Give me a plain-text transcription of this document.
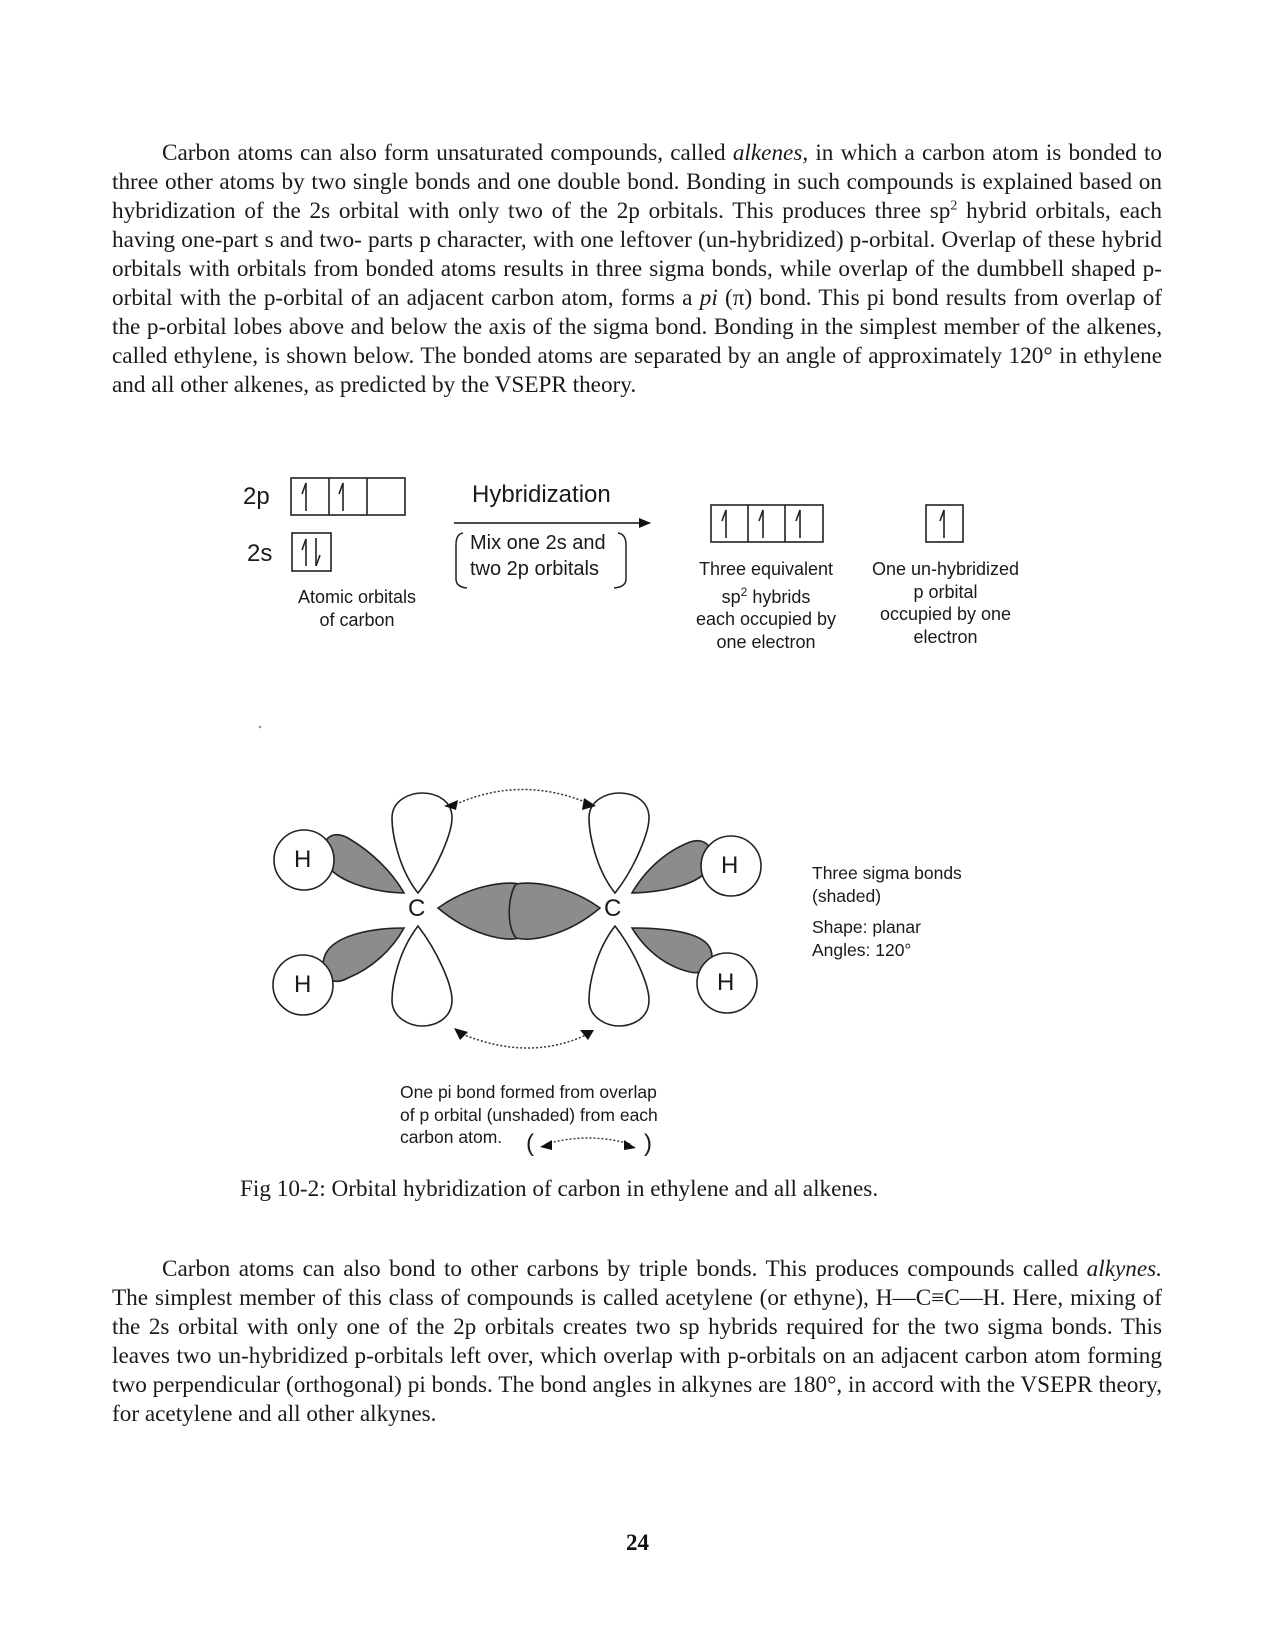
Carbon atoms can also form unsaturated compounds, called alkenes, in which a carbon atom is bonded to three other atoms by two single bonds and one double bond. Bonding in such compounds is explained based on hybridization of the 2s orbital with only two of the 2p orbitals. This produces three $sp^2$ hybrid orbitals, each having one-part s and two- parts p character, with one leftover (un-hybridized) p-orbital. Overlap of these hybrid orbitals with orbitals from bonded atoms results in three sigma bonds, while overlap of the dumbbell shaped p-orbital with the p-orbital of an adjacent carbon atom, forms a pi (π) bond. This pi bond results from overlap of the p-orbital lobes above and below the axis of the sigma bond. Bonding in the simplest member of the alkenes, called ethylene, is shown below. The bonded atoms are separated by an angle of approximately 120° in ethylene and all other alkenes, as predicted by the VSEPR theory.

2p
2s
Atomic orbitals
of carbon
Hybridization
Mix one 2s and
two 2p orbitals	Three equivalent
$sp^2$ hybrids
each occupied by
one electron
One un-hybridized
p orbital
occupied by one
electron
H
H
H
H
C	C
Three sigma bonds
(shaded)
Shape: planar
Angles: 120°
One pi bond formed from overlap
of p orbital (unshaded) from each
carbon atom. (	)
Fig 10-2: Orbital hybridization of carbon in ethylene and all alkenes.

Carbon atoms can also bond to other carbons by triple bonds. This produces compounds called alkynes. The simplest member of this class of compounds is called acetylene (or ethyne), H—C≡C—H. Here, mixing of the 2s orbital with only one of the 2p orbitals creates two sp hybrids required for the two sigma bonds. This leaves two un-hybridized p-orbitals left over, which overlap with p-orbitals on an adjacent carbon atom forming two perpendicular (orthogonal) pi bonds. The bond angles in alkynes are 180°, in accord with the VSEPR theory, for acetylene and all other alkynes.

24
